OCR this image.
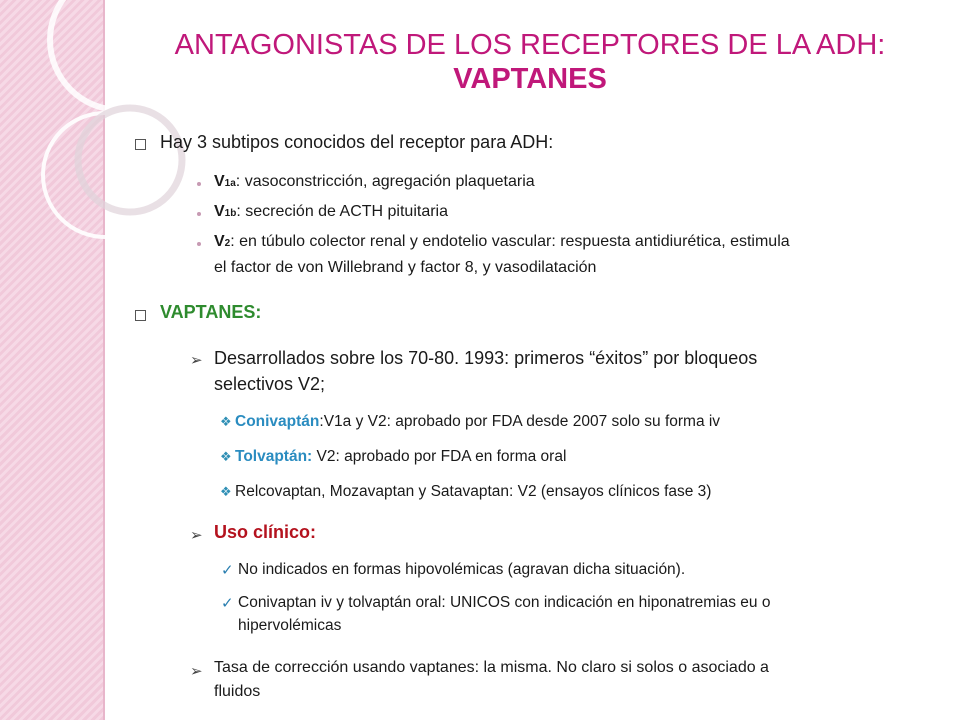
ANTAGONISTAS DE LOS RECEPTORES DE LA ADH:
VAPTANES
Hay 3 subtipos conocidos del receptor para ADH:
V1a: vasoconstricción, agregación plaquetaria
V1b: secreción de ACTH pituitaria
V2: en túbulo colector renal y endotelio vascular: respuesta antidiurética, estimula
el factor de von Willebrand y factor 8, y vasodilatación
VAPTANES:
➢ Desarrollados sobre los 70-80. 1993: primeros “éxitos” por bloqueos
selectivos V2;
❖ Conivaptán:V1a y V2: aprobado por FDA desde 2007 solo su forma iv
❖ Tolvaptán: V2: aprobado por FDA en forma oral
❖ Relcovaptan, Mozavaptan y Satavaptan: V2 (ensayos clínicos fase 3)
➢ Uso clínico:
✓ No indicados en formas hipovolémicas (agravan dicha situación).
✓ Conivaptan iv y tolvaptán oral: UNICOS con indicación en hiponatremias eu o
hipervolémicas
➢ Tasa de corrección usando vaptanes: la misma. No claro si solos o asociado a
fluidos
